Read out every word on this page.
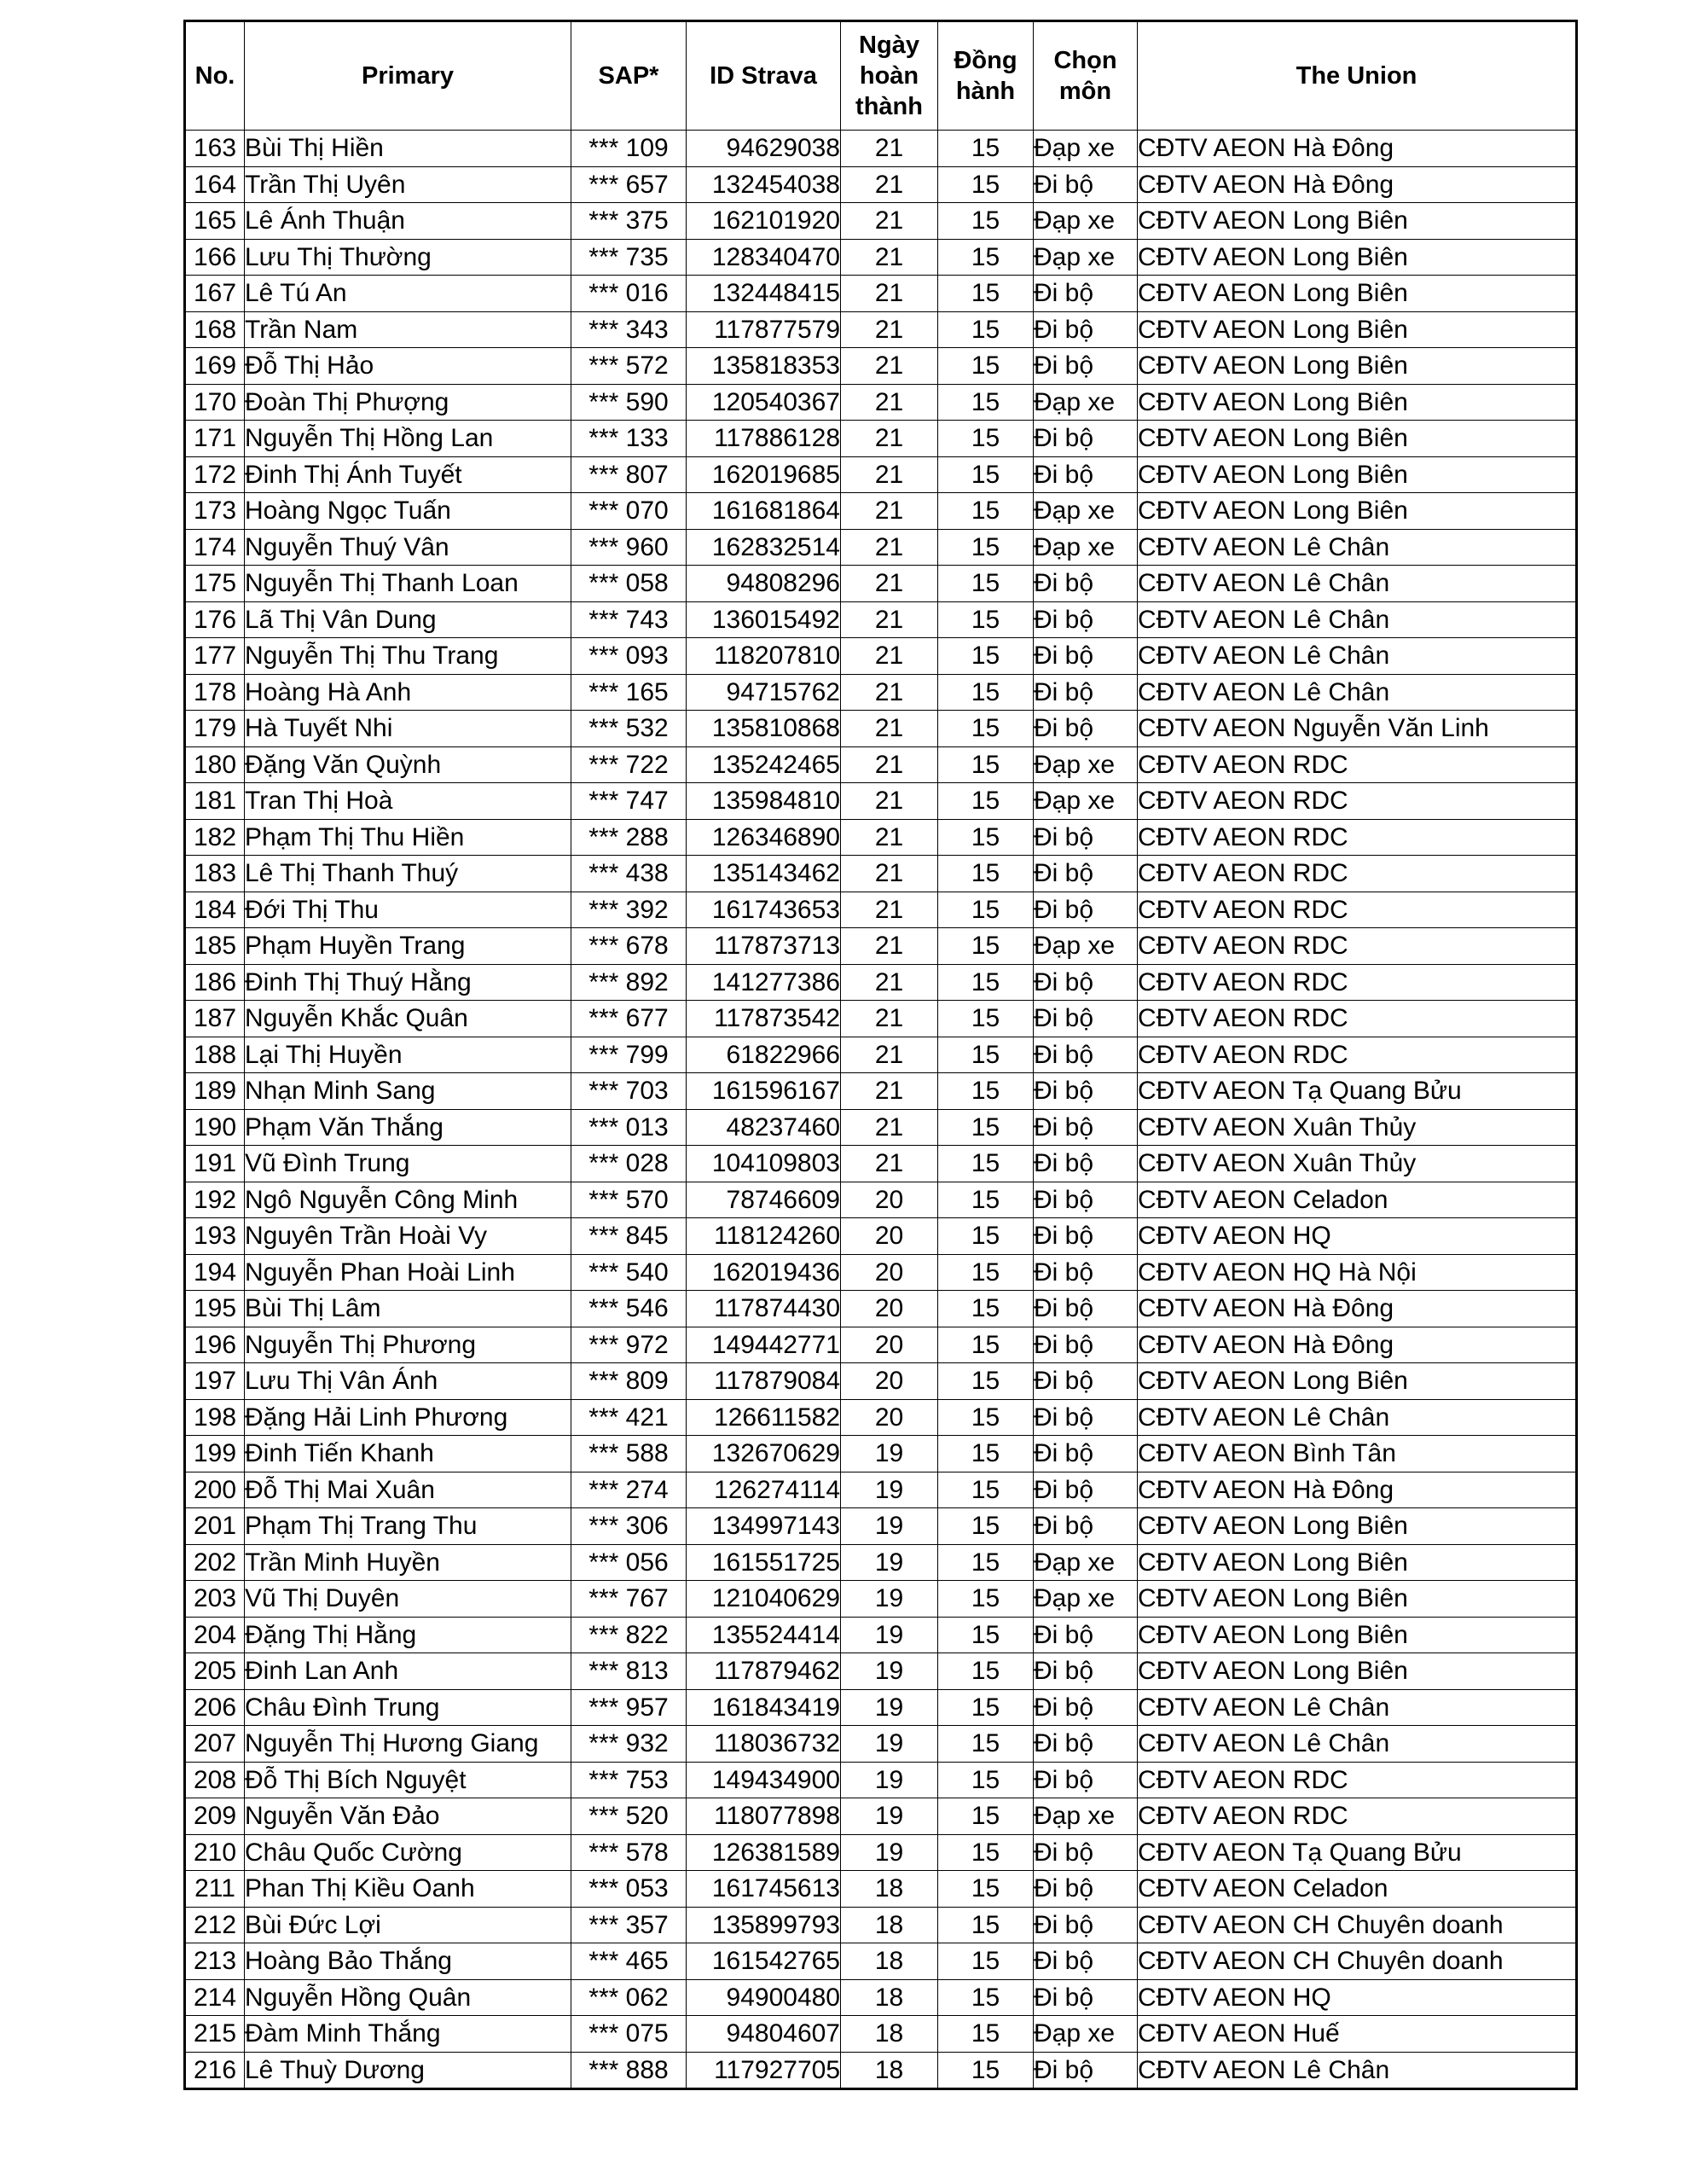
No.	Primary	SAP*	ID Strava	Ngày hoàn thành	Đồng hành	Chọn môn	The Union
163	Bùi Thị Hiền	*** 109	94629038	21	15	Đạp xe	CĐTV AEON Hà Đông
164	Trần Thị Uyên	*** 657	132454038	21	15	Đi bộ	CĐTV AEON Hà Đông
165	Lê Ánh Thuận	*** 375	162101920	21	15	Đạp xe	CĐTV AEON Long Biên
166	Lưu Thị Thường	*** 735	128340470	21	15	Đạp xe	CĐTV AEON Long Biên
167	Lê Tú An	*** 016	132448415	21	15	Đi bộ	CĐTV AEON Long Biên
168	Trần Nam	*** 343	117877579	21	15	Đi bộ	CĐTV AEON Long Biên
169	Đỗ Thị Hảo	*** 572	135818353	21	15	Đi bộ	CĐTV AEON Long Biên
170	Đoàn Thị Phượng	*** 590	120540367	21	15	Đạp xe	CĐTV AEON Long Biên
171	Nguyễn Thị Hồng Lan	*** 133	117886128	21	15	Đi bộ	CĐTV AEON Long Biên
172	Đinh Thị Ánh Tuyết	*** 807	162019685	21	15	Đi bộ	CĐTV AEON Long Biên
173	Hoàng Ngọc Tuấn	*** 070	161681864	21	15	Đạp xe	CĐTV AEON Long Biên
174	Nguyễn Thuý Vân	*** 960	162832514	21	15	Đạp xe	CĐTV AEON Lê Chân
175	Nguyễn Thị Thanh Loan	*** 058	94808296	21	15	Đi bộ	CĐTV AEON Lê Chân
176	Lã Thị Vân Dung	*** 743	136015492	21	15	Đi bộ	CĐTV AEON Lê Chân
177	Nguyễn Thị Thu Trang	*** 093	118207810	21	15	Đi bộ	CĐTV AEON Lê Chân
178	Hoàng Hà Anh	*** 165	94715762	21	15	Đi bộ	CĐTV AEON Lê Chân
179	Hà Tuyết Nhi	*** 532	135810868	21	15	Đi bộ	CĐTV AEON Nguyễn Văn Linh
180	Đặng Văn Quỳnh	*** 722	135242465	21	15	Đạp xe	CĐTV AEON RDC
181	Tran Thị Hoà	*** 747	135984810	21	15	Đạp xe	CĐTV AEON RDC
182	Phạm Thị Thu Hiền	*** 288	126346890	21	15	Đi bộ	CĐTV AEON RDC
183	Lê Thị Thanh Thuý	*** 438	135143462	21	15	Đi bộ	CĐTV AEON RDC
184	Đới Thị Thu	*** 392	161743653	21	15	Đi bộ	CĐTV AEON RDC
185	Phạm Huyền Trang	*** 678	117873713	21	15	Đạp xe	CĐTV AEON RDC
186	Đinh Thị Thuý Hằng	*** 892	141277386	21	15	Đi bộ	CĐTV AEON RDC
187	Nguyễn Khắc Quân	*** 677	117873542	21	15	Đi bộ	CĐTV AEON RDC
188	Lại Thị Huyền	*** 799	61822966	21	15	Đi bộ	CĐTV AEON RDC
189	Nhạn Minh Sang	*** 703	161596167	21	15	Đi bộ	CĐTV AEON Tạ Quang Bửu
190	Phạm Văn Thắng	*** 013	48237460	21	15	Đi bộ	CĐTV AEON Xuân Thủy
191	Vũ Đình Trung	*** 028	104109803	21	15	Đi bộ	CĐTV AEON Xuân Thủy
192	Ngô Nguyễn Công Minh	*** 570	78746609	20	15	Đi bộ	CĐTV AEON Celadon
193	Nguyên Trần Hoài Vy	*** 845	118124260	20	15	Đi bộ	CĐTV AEON HQ
194	Nguyễn Phan Hoài Linh	*** 540	162019436	20	15	Đi bộ	CĐTV AEON HQ Hà Nội
195	Bùi Thị Lâm	*** 546	117874430	20	15	Đi bộ	CĐTV AEON Hà Đông
196	Nguyễn Thị Phương	*** 972	149442771	20	15	Đi bộ	CĐTV AEON Hà Đông
197	Lưu Thị Vân Ánh	*** 809	117879084	20	15	Đi bộ	CĐTV AEON Long Biên
198	Đặng Hải Linh Phương	*** 421	126611582	20	15	Đi bộ	CĐTV AEON Lê Chân
199	Đinh Tiến Khanh	*** 588	132670629	19	15	Đi bộ	CĐTV AEON Bình Tân
200	Đỗ Thị Mai Xuân	*** 274	126274114	19	15	Đi bộ	CĐTV AEON Hà Đông
201	Phạm Thị Trang Thu	*** 306	134997143	19	15	Đi bộ	CĐTV AEON Long Biên
202	Trần Minh Huyền	*** 056	161551725	19	15	Đạp xe	CĐTV AEON Long Biên
203	Vũ Thị Duyên	*** 767	121040629	19	15	Đạp xe	CĐTV AEON Long Biên
204	Đặng Thị Hằng	*** 822	135524414	19	15	Đi bộ	CĐTV AEON Long Biên
205	Đinh Lan Anh	*** 813	117879462	19	15	Đi bộ	CĐTV AEON Long Biên
206	Châu Đình Trung	*** 957	161843419	19	15	Đi bộ	CĐTV AEON Lê Chân
207	Nguyễn Thị Hương Giang	*** 932	118036732	19	15	Đi bộ	CĐTV AEON Lê Chân
208	Đỗ Thị Bích Nguyệt	*** 753	149434900	19	15	Đi bộ	CĐTV AEON RDC
209	Nguyễn Văn Đảo	*** 520	118077898	19	15	Đạp xe	CĐTV AEON RDC
210	Châu Quốc Cường	*** 578	126381589	19	15	Đi bộ	CĐTV AEON Tạ Quang Bửu
211	Phan Thị Kiều Oanh	*** 053	161745613	18	15	Đi bộ	CĐTV AEON Celadon
212	Bùi Đức Lợi	*** 357	135899793	18	15	Đi bộ	CĐTV AEON CH Chuyên doanh
213	Hoàng Bảo Thắng	*** 465	161542765	18	15	Đi bộ	CĐTV AEON CH Chuyên doanh
214	Nguyễn Hồng Quân	*** 062	94900480	18	15	Đi bộ	CĐTV AEON HQ
215	Đàm Minh Thắng	*** 075	94804607	18	15	Đạp xe	CĐTV AEON Huế
216	Lê Thuỳ Dương	*** 888	117927705	18	15	Đi bộ	CĐTV AEON Lê Chân
